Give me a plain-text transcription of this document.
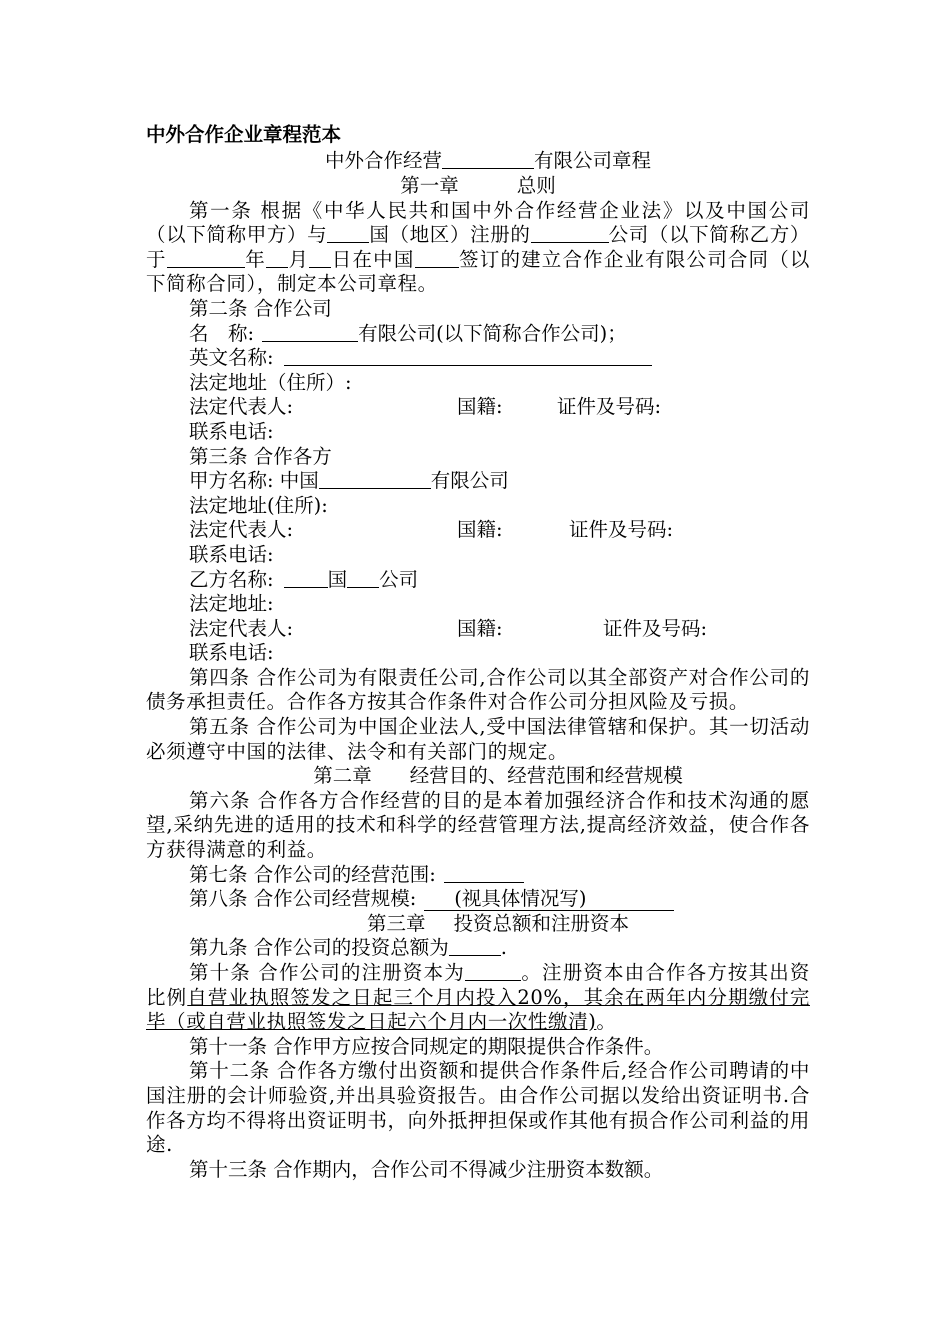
中外合作企业章程范本

中外合作经营	有限公司章程

第一章	总则

第一条 根据《中华人民共和国中外合作经营企业法》以及中国公司（以下简称甲方）与 国（地区）注册的	公司（以下简称乙方）于	年 月 日在中国 签订的建立合作企业有限公司合同（以下简称合同），制定本公司章程。

第二条 合作公司

名　称:	有限公司(以下简称合作公司)；

英文名称:

法定地址（住所）:

法定代表人:	国籍:	证件及号码:

联系电话:

第三条 合作各方

甲方名称: 中国	有限公司

法定地址(住所):

法定代表人:	国籍:	证件及号码:

联系电话:

乙方名称:	国 公司

法定地址:

法定代表人:	国籍:	证件及号码:

联系电话:

第四条 合作公司为有限责任公司,合作公司以其全部资产对合作公司的债务承担责任。合作各方按其合作条件对合作公司分担风险及亏损。

第五条 合作公司为中国企业法人,受中国法律管辖和保护。其一切活动必须遵守中国的法律、法令和有关部门的规定。

第二章 经营目的、经营范围和经营规模

第六条 合作各方合作经营的目的是本着加强经济合作和技术沟通的愿望,采纳先进的适用的技术和科学的经营管理方法,提高经济效益，使合作各方获得满意的利益。

第七条 合作公司的经营范围:

第八条 合作公司经营规模: (视具体情况写)

第三章 投资总额和注册资本

第九条 合作公司的投资总额为	.

第十条 合作公司的注册资本为	。注册资本由合作各方按其出资比例自营业执照签发之日起三个月内投入20%，其余在两年内分期缴付完毕（或自营业执照签发之日起六个月内一次性缴清)。

第十一条 合作甲方应按合同规定的期限提供合作条件。

第十二条 合作各方缴付出资额和提供合作条件后,经合作公司聘请的中国注册的会计师验资,并出具验资报告。由合作公司据以发给出资证明书.合作各方均不得将出资证明书，向外抵押担保或作其他有损合作公司利益的用途.

第十三条 合作期内，合作公司不得减少注册资本数额。
